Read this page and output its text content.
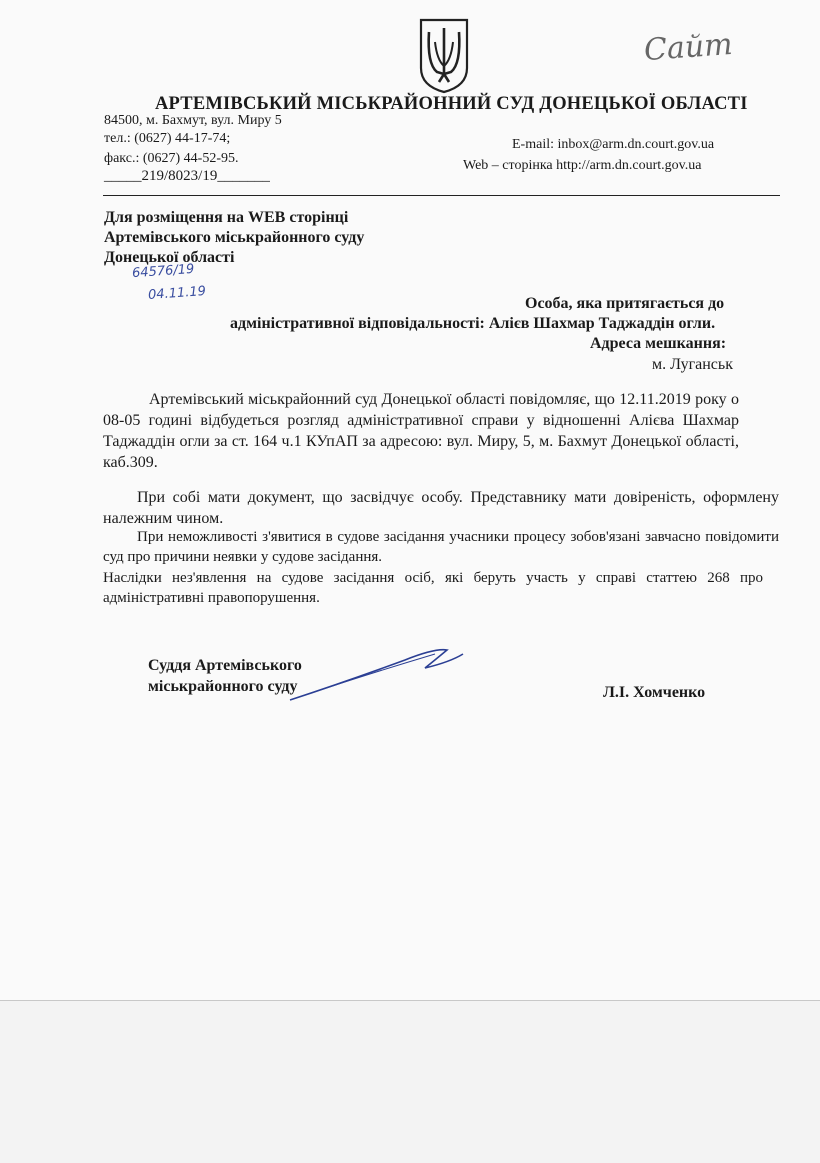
Сайт
АРТЕМІВСЬКИЙ МІСЬКРАЙОННИЙ СУД ДОНЕЦЬКОЇ ОБЛАСТІ
84500, м. Бахмут, вул. Миру 5
тел.: (0627) 44-17-74;
факс.: (0627) 44-52-95.
_____219/8023/19_______
E-mail: inbox@arm.dn.court.gov.ua
Web – сторінка http://arm.dn.court.gov.ua
Для розміщення на WEB сторінці
Артемівського міськрайонного суду
Донецької області
64576/19
04.11.19
Особа, яка притягається до
адміністративної відповідальності: Алієв Шахмар Таджаддін огли.
Адреса мешкання:
м. Луганськ
Артемівський міськрайонний суд Донецької області повідомляє, що 12.11.2019 року о 08-05 годині відбудеться розгляд адміністративної справи у відношенні Алієва Шахмар Таджаддін огли за ст. 164 ч.1 КУпАП за адресою: вул. Миру, 5, м. Бахмут Донецької області, каб.309.
При собі мати документ, що засвідчує особу. Представнику мати довіреність, оформлену належним чином.
При неможливості з'явитися в судове засідання учасники процесу зобов'язані завчасно повідомити суд про причини неявки у судове засідання.
Наслідки нез'явлення на судове засідання осіб, які беруть участь у справі статтею 268 про адміністративні правопорушення.
Суддя Артемівського
міськрайонного суду	Л.І. Хомченко
